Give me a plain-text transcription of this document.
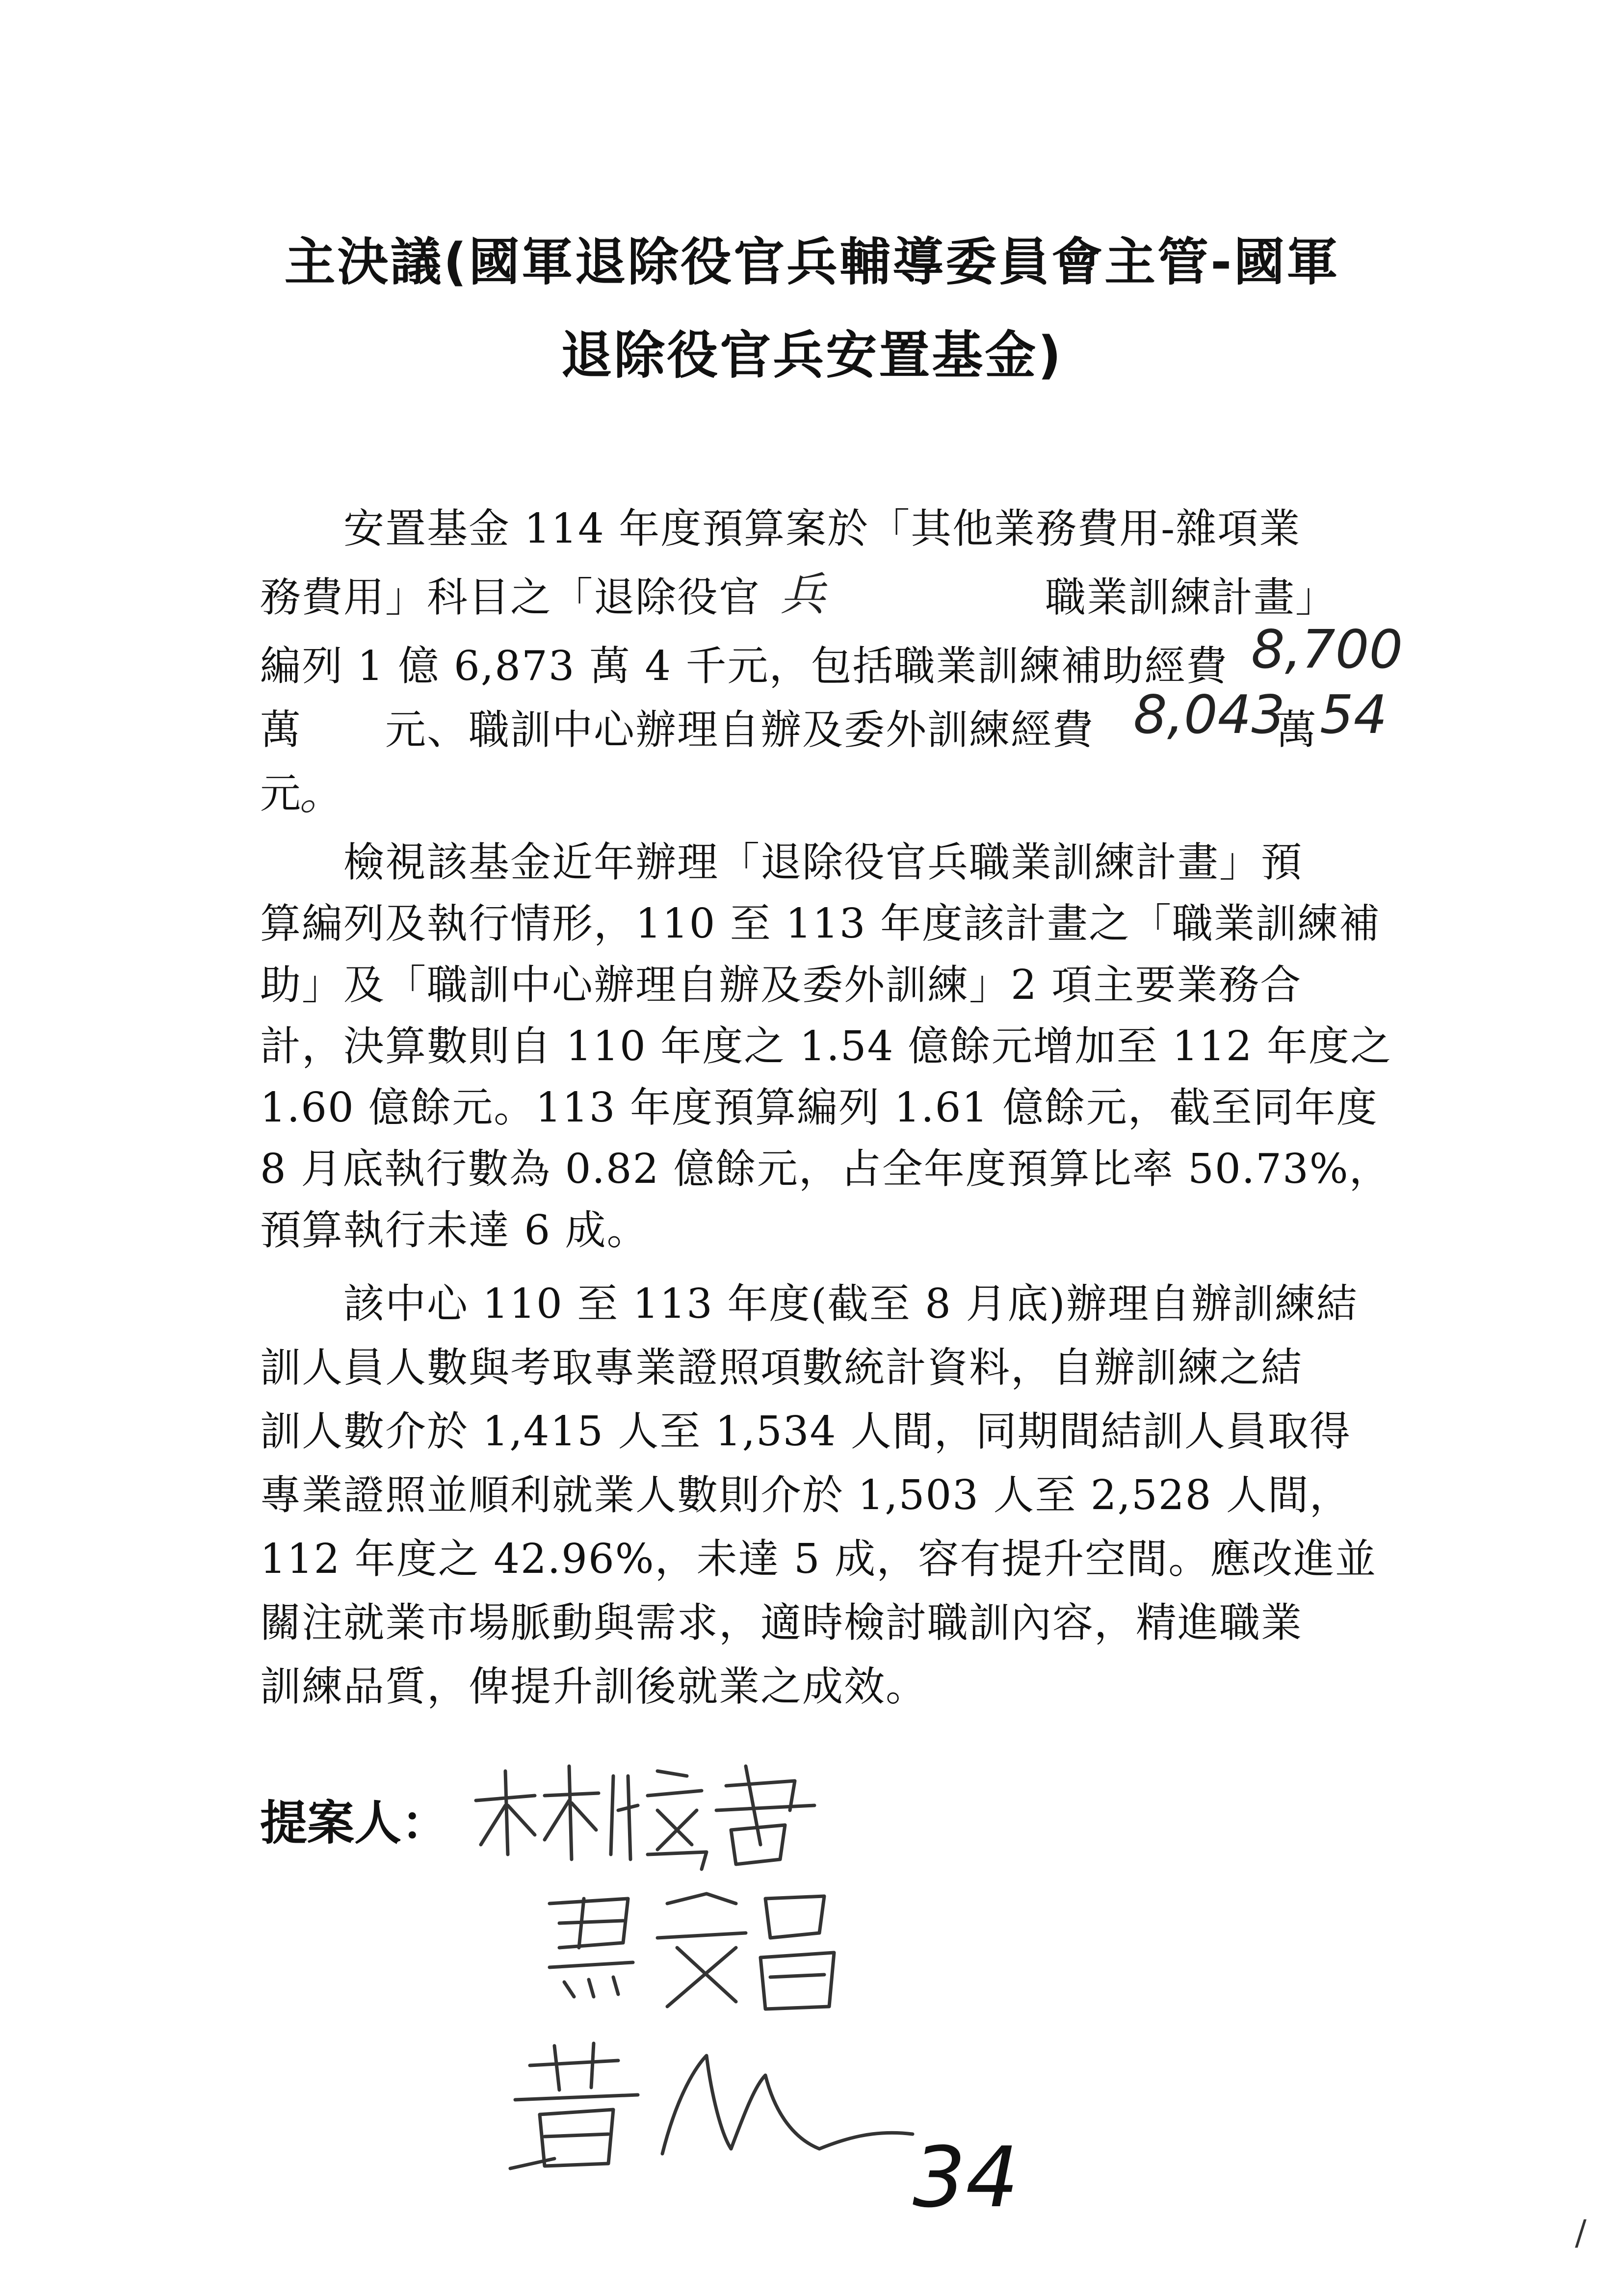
主決議(國軍退除役官兵輔導委員會主管-國軍
退除役官兵安置基金)
　　安置基金 114 年度預算案於「其他業務費用-雜項業
務費用」科目之「退除役官 兵	職業訓練計畫」
編列 1 億 6,873 萬 4 千元，包括職業訓練補助經費 8,700
萬　　元、職訓中心辦理自辦及委外訓練經費 8,043
萬 54
元
。
　　檢視該基金近年辦理「退除役官兵職業訓練計畫」預
算編列及執行情形，110 至 113 年度該計畫之「職業訓練補
助」及「職訓中心辦理自辦及委外訓練」2 項主要業務合
計，決算數則自 110 年度之 1.54 億餘元增加至 112 年度之
1.60 億餘元。113 年度預算編列 1.61 億餘元，截至同年度
8 月底執行數為 0.82 億餘元，占全年度預算比率 50.73%，
預算執行未達 6 成。
　　該中心 110 至 113 年度(截至 8 月底)辦理自辦訓練結
訓人員人數與考取專業證照項數統計資料，自辦訓練之結
訓人數介於 1,415 人至 1,534 人間，同期間結訓人員取得
專業證照並順利就業人數則介於 1,503 人至 2,528 人間，
112 年度之 42.96%，未達 5 成，容有提升空間。應改進並
關注就業市場脈動與需求，適時檢討職訓內容，精進職業
訓練品質，俾提升訓後就業之成效。
提案人：
34
/
